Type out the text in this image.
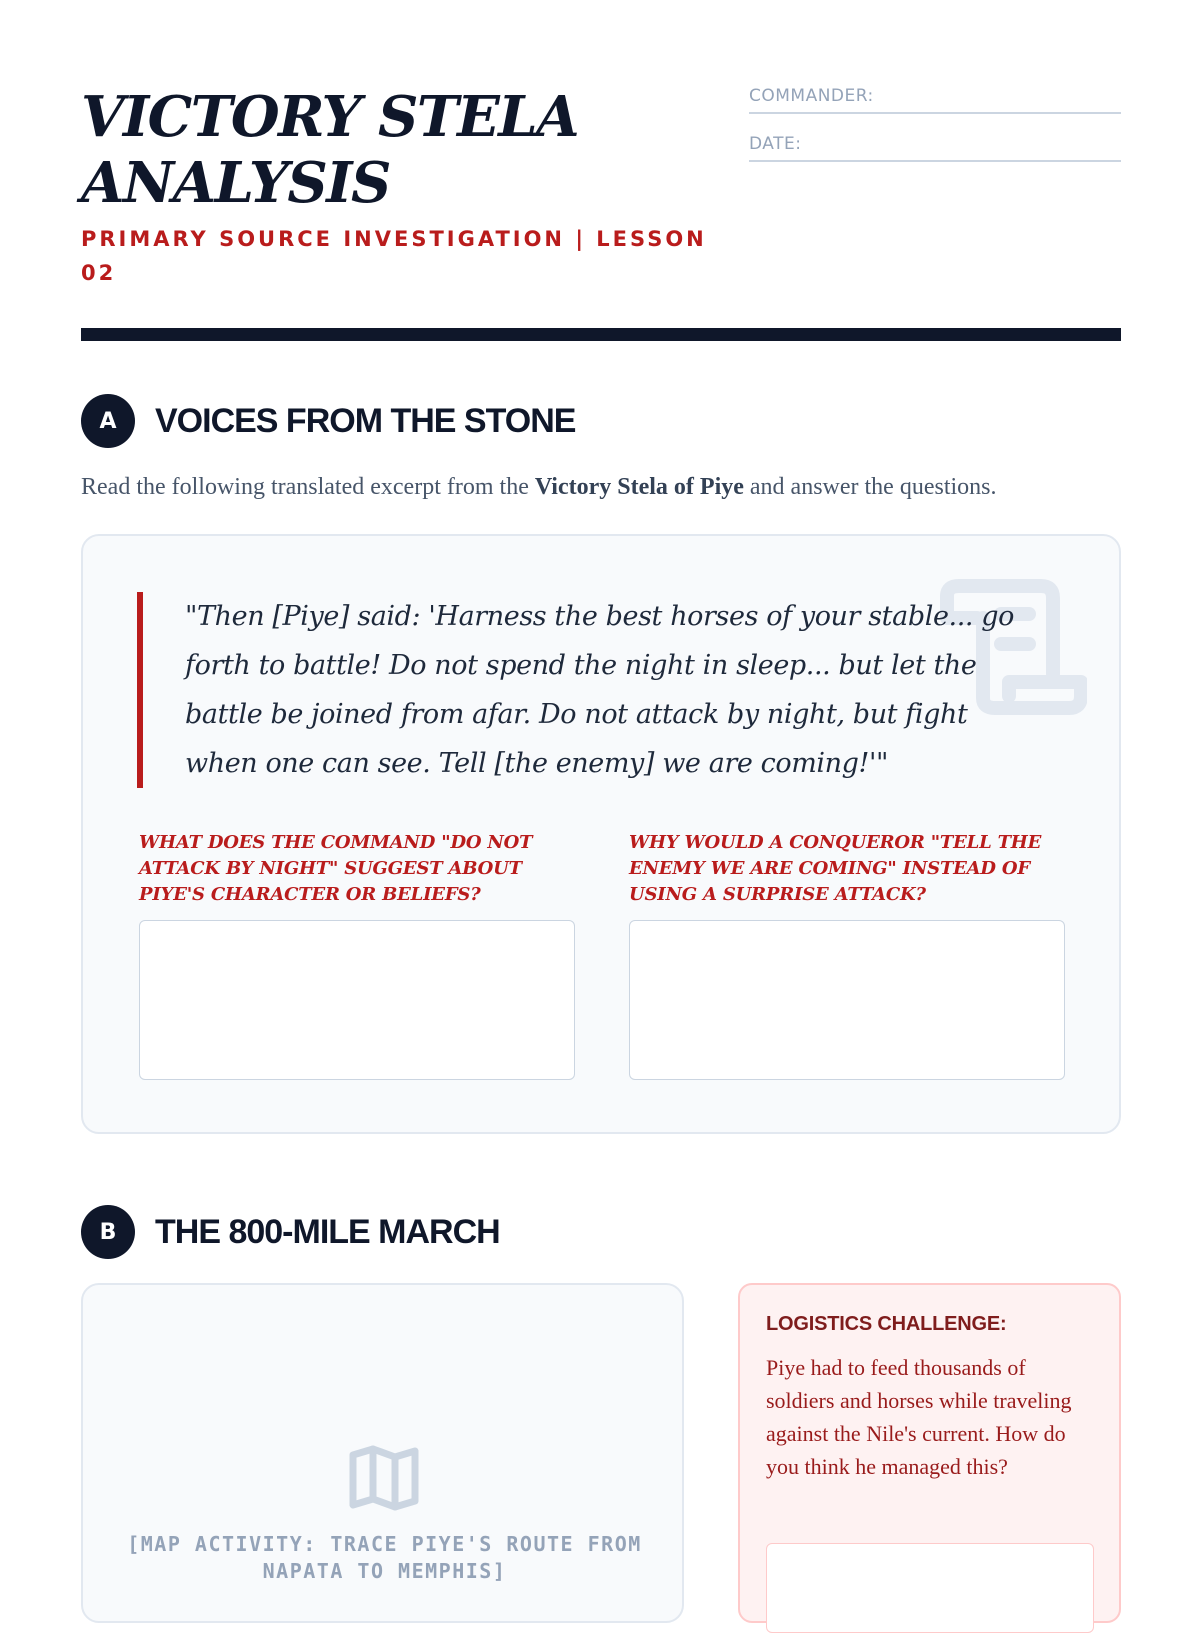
VICTORY STELA
ANALYSIS
PRIMARY SOURCE INVESTIGATION | LESSON 02
COMMANDER:
DATE:
A	VOICES FROM THE STONE
Read the following translated excerpt from the Victory Stela of Piye and answer the questions.
"Then [Piye] said: 'Harness the best horses of your stable... go forth to battle! Do not spend the night in sleep... but let the battle be joined from afar. Do not attack by night, but fight when one can see. Tell [the enemy] we are coming!'"
WHAT DOES THE COMMAND "DO NOT ATTACK BY NIGHT" SUGGEST ABOUT PIYE'S CHARACTER OR BELIEFS?
WHY WOULD A CONQUEROR "TELL THE ENEMY WE ARE COMING" INSTEAD OF USING A SURPRISE ATTACK?
B	THE 800-MILE MARCH
[MAP ACTIVITY: TRACE PIYE'S ROUTE FROM NAPATA TO MEMPHIS]
LOGISTICS CHALLENGE:
Piye had to feed thousands of soldiers and horses while traveling against the Nile's current. How do you think he managed this?
